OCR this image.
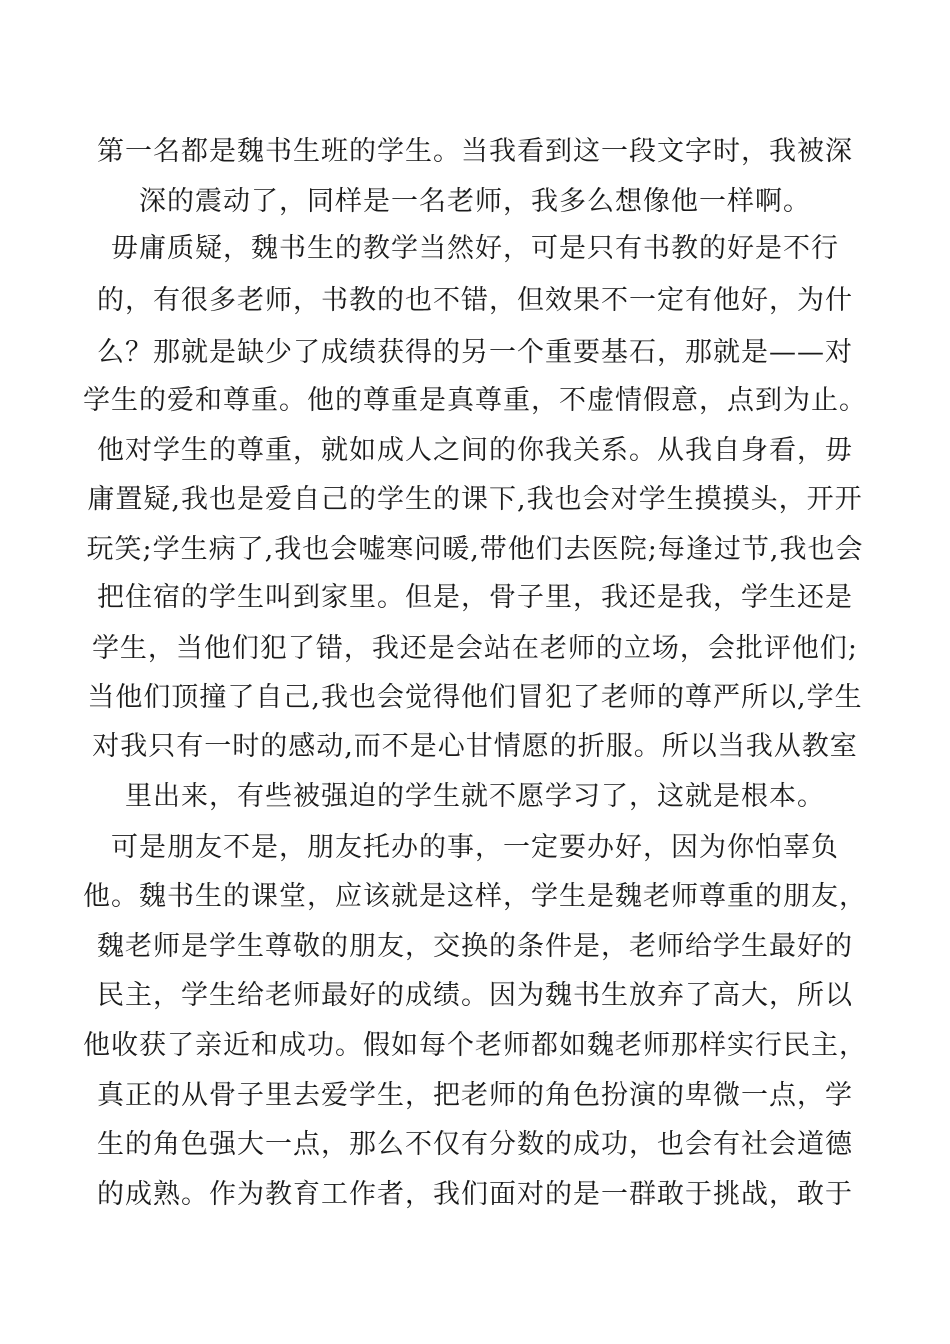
第一名都是魏书生班的学生。当我看到这一段文字时，我被深
深的震动了，同样是一名老师，我多么想像他一样啊。
毋庸质疑，魏书生的教学当然好，可是只有书教的好是不行
的，有很多老师，书教的也不错，但效果不一定有他好，为什
么？那就是缺少了成绩获得的另一个重要基石，那就是——对
学生的爱和尊重。他的尊重是真尊重，不虚情假意，点到为止。
他对学生的尊重，就如成人之间的你我关系。从我自身看，毋
庸置疑,我也是爱自己的学生的课下,我也会对学生摸摸头，开开
玩笑;学生病了,我也会嘘寒问暖,带他们去医院;每逢过节,我也会
把住宿的学生叫到家里。但是，骨子里，我还是我，学生还是
学生，当他们犯了错，我还是会站在老师的立场，会批评他们;
当他们顶撞了自己,我也会觉得他们冒犯了老师的尊严所以,学生
对我只有一时的感动,而不是心甘情愿的折服。所以当我从教室
里出来，有些被强迫的学生就不愿学习了，这就是根本。
可是朋友不是，朋友托办的事，一定要办好，因为你怕辜负
他。魏书生的课堂，应该就是这样，学生是魏老师尊重的朋友，
魏老师是学生尊敬的朋友，交换的条件是，老师给学生最好的
民主，学生给老师最好的成绩。因为魏书生放弃了高大，所以
他收获了亲近和成功。假如每个老师都如魏老师那样实行民主，
真正的从骨子里去爱学生，把老师的角色扮演的卑微一点，学
生的角色强大一点，那么不仅有分数的成功，也会有社会道德
的成熟。作为教育工作者，我们面对的是一群敢于挑战，敢于
